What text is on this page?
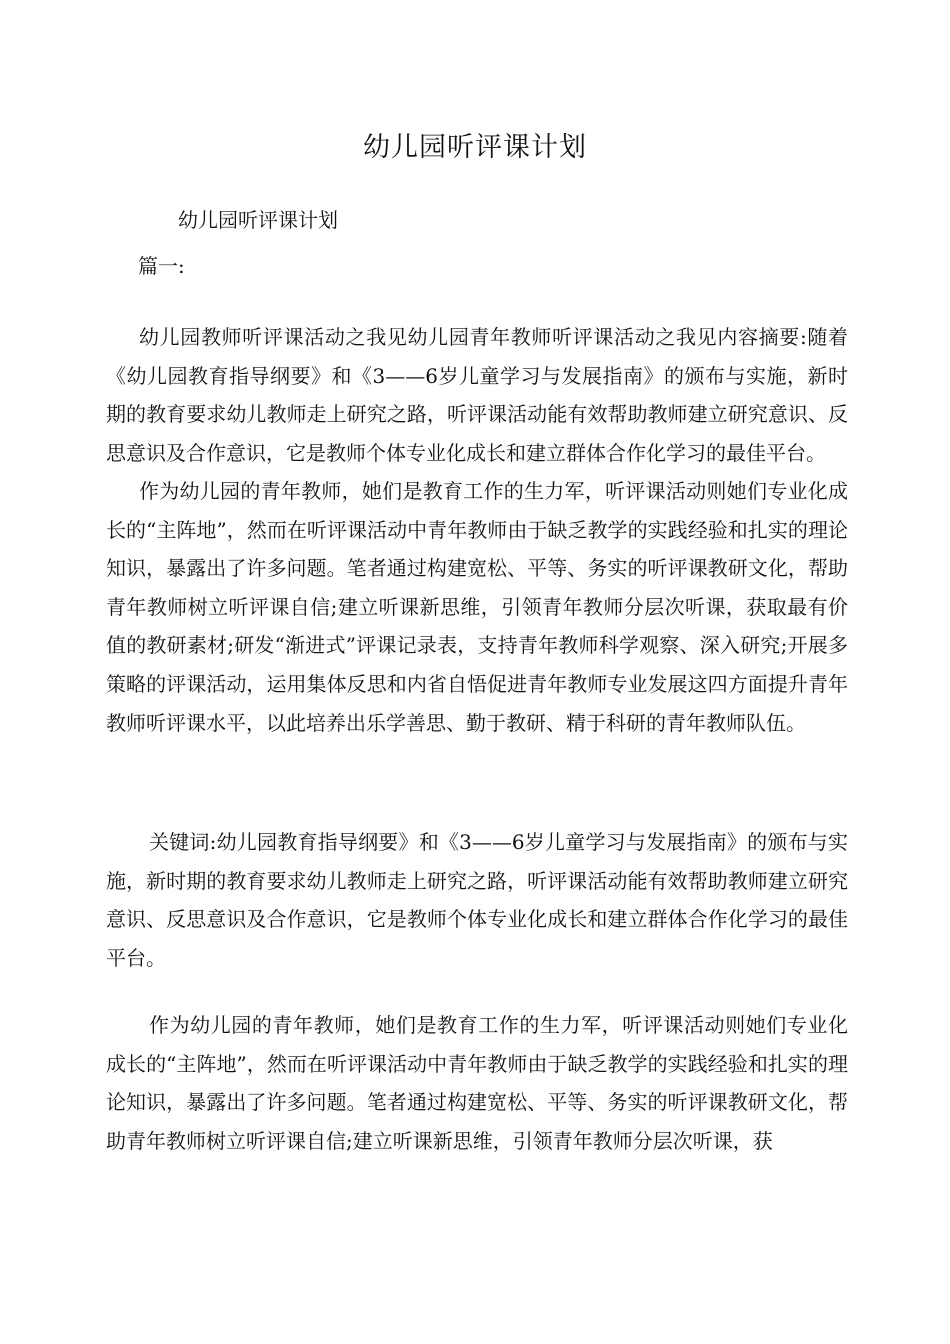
幼儿园听评课计划

幼儿园听评课计划

篇一:

幼儿园教师听评课活动之我见幼儿园青年教师听评课活动之我见内容摘要:随着《幼儿园教育指导纲要》和《3——6岁儿童学习与发展指南》的颁布与实施，新时期的教育要求幼儿教师走上研究之路，听评课活动能有效帮助教师建立研究意识、反思意识及合作意识，它是教师个体专业化成长和建立群体合作化学习的最佳平台。

作为幼儿园的青年教师，她们是教育工作的生力军，听评课活动则她们专业化成长的“主阵地”，然而在听评课活动中青年教师由于缺乏教学的实践经验和扎实的理论知识，暴露出了许多问题。笔者通过构建宽松、平等、务实的听评课教研文化，帮助青年教师树立听评课自信;建立听课新思维，引领青年教师分层次听课，获取最有价值的教研素材;研发“渐进式”评课记录表，支持青年教师科学观察、深入研究;开展多策略的评课活动，运用集体反思和内省自悟促进青年教师专业发展这四方面提升青年教师听评课水平，以此培养出乐学善思、勤于教研、精于科研的青年教师队伍。

关键词:幼儿园教育指导纲要》和《3——6岁儿童学习与发展指南》的颁布与实施，新时期的教育要求幼儿教师走上研究之路，听评课活动能有效帮助教师建立研究意识、反思意识及合作意识，它是教师个体专业化成长和建立群体合作化学习的最佳平台。

作为幼儿园的青年教师，她们是教育工作的生力军，听评课活动则她们专业化成长的“主阵地”，然而在听评课活动中青年教师由于缺乏教学的实践经验和扎实的理论知识，暴露出了许多问题。笔者通过构建宽松、平等、务实的听评课教研文化，帮助青年教师树立听评课自信;建立听课新思维，引领青年教师分层次听课，获
